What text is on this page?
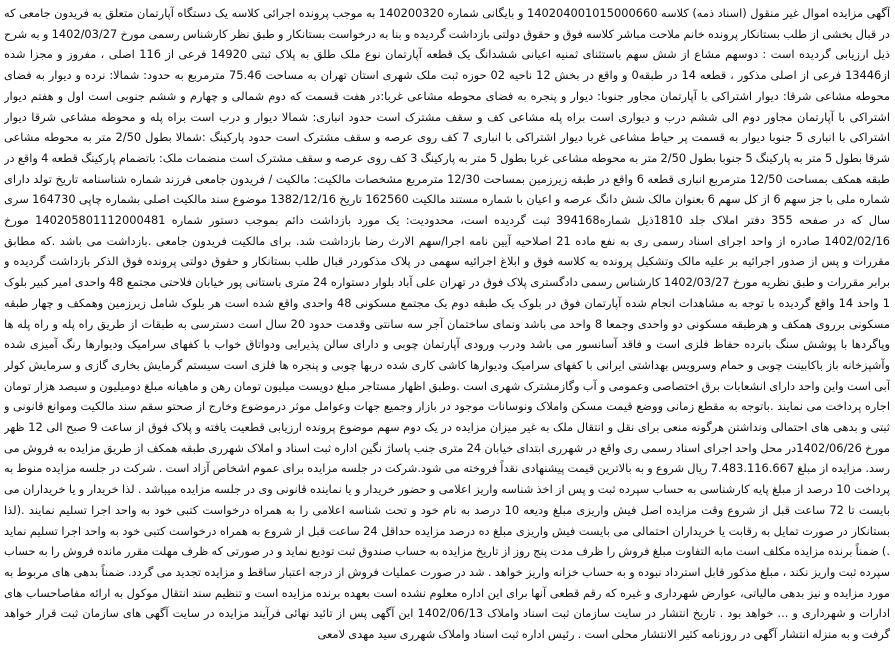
آگهی مزایده اموال غیر منقول (اسناد ذمه) کلاسه 140204001015000660 و بایگانی شماره 140200320 به موجب پرونده اجرائی کلاسه یک دستگاه آپارتمان متعلق به فریدون جامعی که در قبال بخشی از طلب بستانکار پرونده خانم ملاحت مباشر کلاسه فوق و حقوق دولتی بازداشت گردیده و بنا به درخواست بستانکار و طبق نظر کارشناس رسمی مورخ 1402/03/27 و به شرح ذیل ارزیابی گردیده است : دوسهم مشاع از شش سهم باستثنای ثمنیه اعیانی ششدانگ یک قطعه آپارتمان نوع ملک طلق به پلاک ثبتی 14920 فرعی از 116 اصلی ، مفروز و مجزا شده از13446 فرعی از اصلی مذکور ، قطعه 14 در طبقه0 و واقع در بخش 12 ناحیه 02 حوزه ثبت ملک شهری استان تهران به مساحت 75.46 مترمربع به حدود: شمالا: نرده و دیوار به فضای محوطه مشاعی شرقا: دیوار اشتراکی با آپارتمان مجاور جنوبا: دیوار و پنجره به فضای محوطه مشاعی غربا:در هفت قسمت که دوم شمالی و چهارم و ششم جنوبی است اول و هفتم دیوار اشتراکی با آپارتمان مجاور دوم الی ششم درب و دیواری است براه پله مشاعی کف و سقف مشترک است حدود انباری: شمالا دیوار و درب است براه پله و محوطه مشاعی شرقا دیوار اشتراکی با انباری 5 جنوبا دیوار به قسمت پر حیاط مشاعی غربا دیوار اشتراکی با انباری 7 کف روی عرصه و سقف مشترک است حدود پارکینگ :شمالا بطول 2/50 متر به محوطه مشاعی شرقا بطول 5 متر به پارکینگ 5 جنوبا بطول 2/50 متر به محوطه مشاعی غربا بطول 5 متر به پارکینگ 3 کف روی عرصه و سقف مشترک است منضمات ملک: باتضمام پارکینگ قطعه 4 واقع در طبقه همکف بمساحت 12/50 مترمربع انباری قطعه 6 واقع در طبقه زیرزمین بمساحت 12/30 مترمربع مشخصات مالکیت: مالکیت / فریدون جامعی فرزند شماره شناسنامه تاریخ تولد دارای شماره ملی با جز سهم 6 از کل سهم 6 بعنوان مالک شش دانگ عرصه و اعیان با شماره مستند مالکیت 162560 تاریخ 1382/12/16 موضوع سند مالکیت اصلی بشماره چاپی 164730 سری سال که در صفحه 355 دفتر املاک جلد 1810ذیل شماره394168 ثبت گردیده است، محدودیت: یک مورد بازداشت دائم بموجب دستور شماره 140205801112000481 مورخ 1402/02/16 صادره از واحد اجرای اسناد رسمی ری به نفع ماده 21 اصلاحیه آیین نامه اجرا/سهم الارث رضا بازداشت شد. برای مالکیت فریدون جامعی .بازداشت می باشد .که مطابق مقررات و پس از صدور اجرائیه بر علیه مالک وتشکیل پرونده به کلاسه فوق و ابلاغ اجرائیه سهمی در پلاک مذکوردر قبال طلب بستانکار و حقوق دولتی پرونده فوق الذکر بازداشت گردیده و برابر مقررات و طبق نظریه مورخ 1402/03/27 کارشناس رسمی دادگستری پلاک فوق در تهران علی آباد بلوار دستواره 24 متری باستانی پور خیابان فلاحتی مجتمع 48 واحدی امیر کبیر بلوک 1 واحد 14 واقع گردیده با توجه به مشاهدات انجام شده آپارتمان فوق در بلوک یک طبقه دوم یک مجتمع مسکونی 48 واحدی واقع شده است هر بلوک شامل زیرزمین وهمکف و چهار طبقه مسکونی برروی همکف و هرطبقه مسکونی دو واحدی وجمعا 8 واحد می باشد ونمای ساختمان آجر سه سانتی وقدمت حدود 20 سال است دسترسی به طبقات از طریق راه پله و راه پله ها وپاگردها با پوشش سنگ بانرده حفاظ فلزی است و فاقد آسانسور می باشد ودرب ورودی آپارتمان چوبی و دارای سالن پذیرایی ودواتاق خواب با کفهای سرامیک ودیوارها رنگ آمیزی شده وآشپزخانه باز باکابینت چوبی و حمام وسرویس بهداشتی ایرانی با کفهای سرامیک ودیوارها کاشی کاری شده دربها چوبی و پنجره ها فلزی است سیستم گرمایش بخاری گازی و سرمایش کولر آبی است واین واحد دارای انشعابات برق اختصاصی وعمومی و آب وگازمشترک شهری است .وطبق اظهار مستاجر مبلغ دویست میلیون تومان رهن و ماهیانه مبلغ دومیلیون و سیصد هزار تومان اجاره پرداخت می نمایند .باتوجه به مقطع زمانی ووضع قیمت مسکن واملاک ونوسانات موجود در بازار وجمیع جهات وعوامل موثر درموضوع وخارج از صحتو سقم سند مالکیت وموانع قانونی و ثبتی و بدهی های احتمالی ونداشتن هرگونه منعی برای نقل و انتقال ملک به غیر میزان مزایده در یک دوم سهم موضوع پرونده ارزیابی قطعیت یافته و پلاک فوق از ساعت 9 صبح الی 12 ظهر مورخ 1402/06/26در محل واحد اجرای اسناد رسمی ری واقع در شهرری ابتدای خیابان 24 متری جنب پاساژ نگین اداره ثبت اسناد و املاک شهرری طبقه همکف از طریق مزایده به فروش می رسد. مزایده از مبلغ 7.483.116.667 ریال شروع و به بالاترین قیمت پیشنهادی نقداً فروخته می شود.شرکت در جلسه مزایده برای عموم اشخاص آزاد است . شرکت در جلسه مزایده منوط به پرداخت 10 درصد از مبلغ پایه کارشناسی به حساب سپرده ثبت و پس از اخذ شناسه واریز اعلامی و حضور خریدار و یا نماینده قانونی وی در جلسه مزایده میباشد . لذا خریدار و یا خریداران می بایست تا 72 ساعت قبل از شروع وقت مزایده اصل فیش واریزی مبلغ ودیعه 10 درصد به نام خود و تحت شناسه اعلامی را به همراه درخواست کتبی خود به واحد اجرا تسلیم نمایند .(لذا بستانکار در صورت تمایل به رقابت یا خریداران احتمالی می بایست فیش واریزی مبلغ ده درصد مزایده حداقل 24 ساعت قبل از شروع به همراه درخواست کتبی خود به واحد اجرا تسلیم نماید .) ضمناً برنده مزایده مکلف است مابه التفاوت مبلغ فروش را ظرف مدت پنج روز از تاریخ مزایده به حساب صندوق ثبت تودیع نماید و در صورتی که ظرف مهلت مقرر مانده فروش را به حساب سپرده ثبت واریز نکند ، مبلغ مذکور قابل استرداد نبوده و به حساب خزانه واریز خواهد . شد در صورت عملیات فروش از درجه اعتبار ساقط و مزایده تجدید می گردد. ضمناً بدهی های مربوط به مورد مزایده و نیز بدهی مالیاتی، عوارض شهرداری و غیره که رقم قطعی آنها برای این اداره معلوم نشده است بعهده برنده مزایده است و تنظیم سند انتقال موکول به ارائه مفاصاحساب های ادارات و شهرداری و ... خواهد بود . تاریخ انتشار در سایت سازمان ثبت اسناد واملاک 1402/06/13 این آگهی پس از تائید نهائی فرآیند مزایده در سایت آگهی های سازمان ثبت قرار خواهد گرفت و به منزله انتشار آگهی در روزنامه کثیر الانتشار محلی است . رئیس اداره ثبت اسناد واملاک شهرری سید مهدی لامعی
